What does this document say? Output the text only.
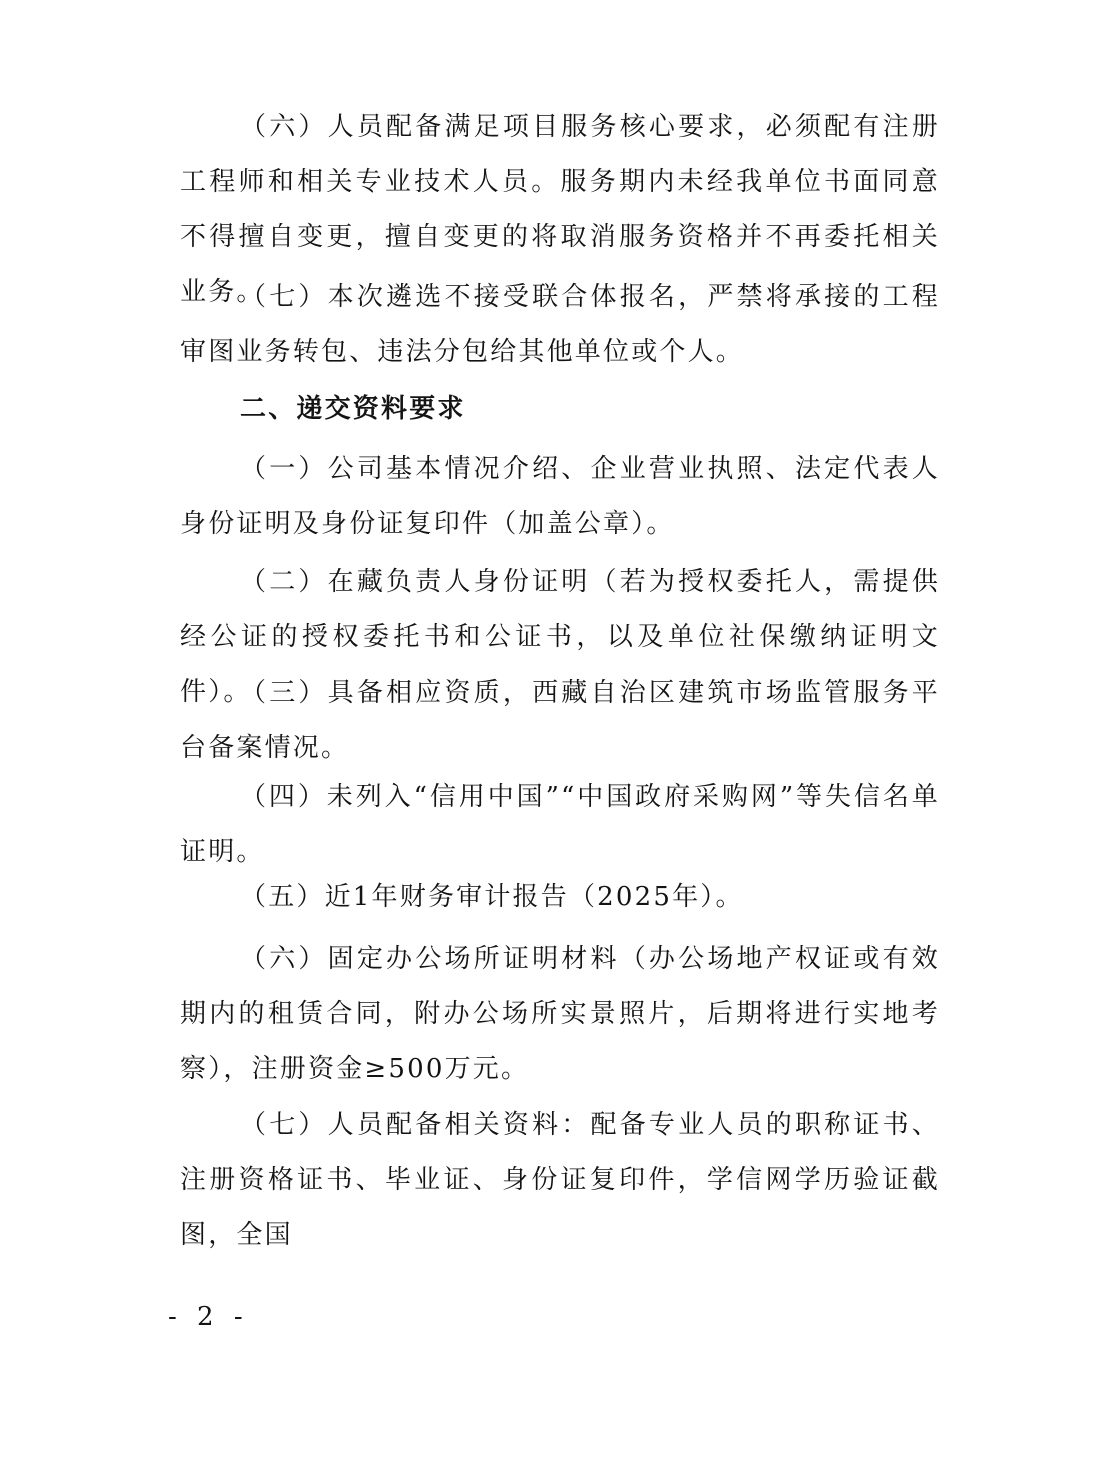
（六）人员配备满足项目服务核心要求，必须配有注册工程师和相关专业技术人员。服务期内未经我单位书面同意不得擅自变更，擅自变更的将取消服务资格并不再委托相关业务。

（七）本次遴选不接受联合体报名，严禁将承接的工程审图业务转包、违法分包给其他单位或个人。

二、递交资料要求

（一）公司基本情况介绍、企业营业执照、法定代表人身份证明及身份证复印件（加盖公章）。

（二）在藏负责人身份证明（若为授权委托人，需提供经公证的授权委托书和公证书，以及单位社保缴纳证明文件）。

（三）具备相应资质，西藏自治区建筑市场监管服务平台备案情况。

（四）未列入“信用中国”“中国政府采购网”等失信名单证明。

（五）近1年财务审计报告（2025年）。

（六）固定办公场所证明材料（办公场地产权证或有效期内的租赁合同，附办公场所实景照片，后期将进行实地考察），注册资金≥500万元。

（七）人员配备相关资料：配备专业人员的职称证书、注册资格证书、毕业证、身份证复印件，学信网学历验证截图，全国

- 2 -
